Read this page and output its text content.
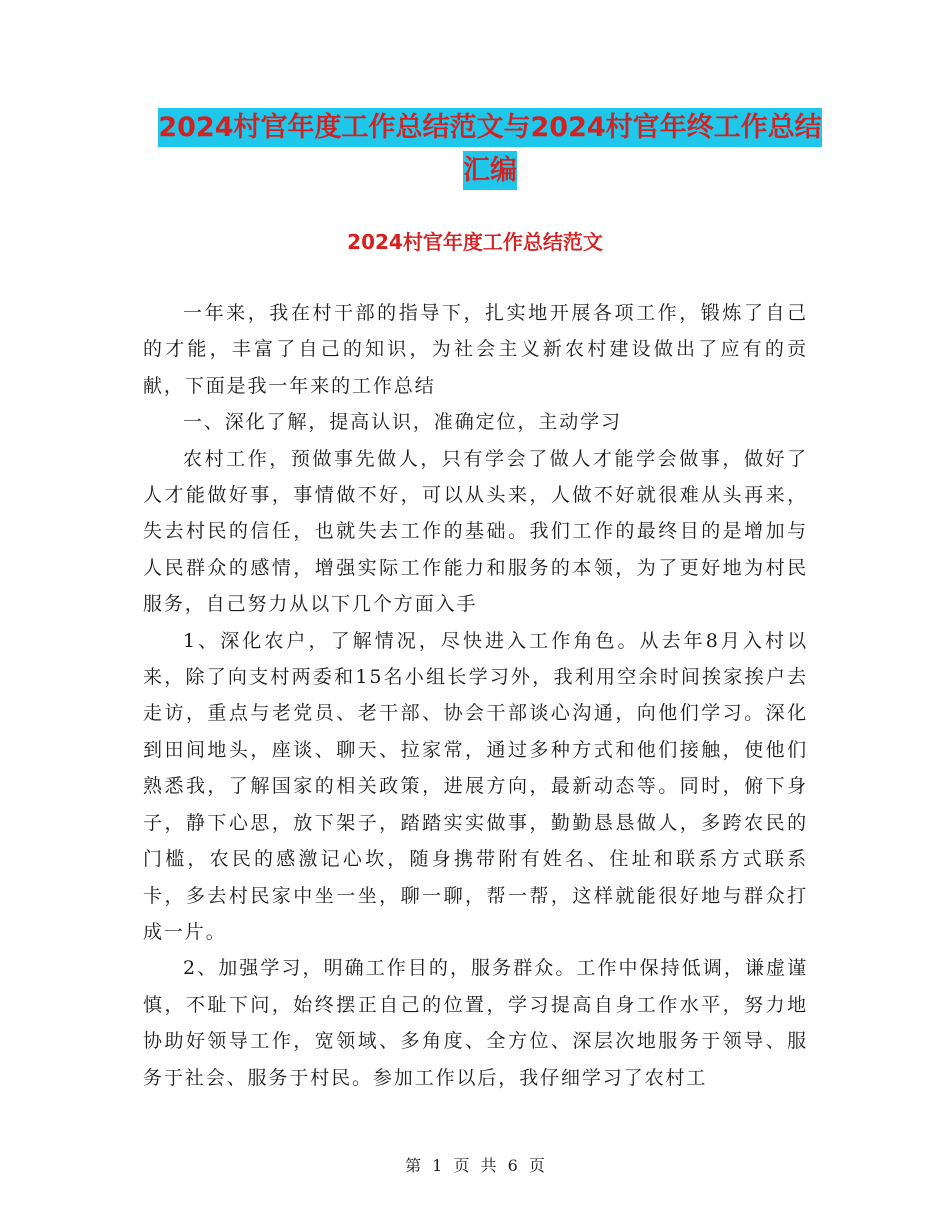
2024村官年度工作总结范文与2024村官年终工作总结
汇编
2024村官年度工作总结范文

一年来，我在村干部的指导下，扎实地开展各项工作，锻炼了自己的才能，丰富了自己的知识，为社会主义新农村建设做出了应有的贡献，下面是我一年来的工作总结

一、深化了解，提高认识，准确定位，主动学习

农村工作，预做事先做人，只有学会了做人才能学会做事，做好了人才能做好事，事情做不好，可以从头来，人做不好就很难从头再来，失去村民的信任，也就失去工作的基础。我们工作的最终目的是增加与人民群众的感情，增强实际工作能力和服务的本领，为了更好地为村民服务，自己努力从以下几个方面入手

1、深化农户，了解情况，尽快进入工作角色。从去年8月入村以来，除了向支村两委和15名小组长学习外，我利用空余时间挨家挨户去走访，重点与老党员、老干部、协会干部谈心沟通，向他们学习。深化到田间地头，座谈、聊天、拉家常，通过多种方式和他们接触，使他们熟悉我，了解国家的相关政策，进展方向，最新动态等。同时，俯下身子，静下心思，放下架子，踏踏实实做事，勤勤恳恳做人，多跨农民的门槛，农民的感激记心坎，随身携带附有姓名、住址和联系方式联系卡，多去村民家中坐一坐，聊一聊，帮一帮，这样就能很好地与群众打成一片。

2、加强学习，明确工作目的，服务群众。工作中保持低调，谦虚谨慎，不耻下问，始终摆正自己的位置，学习提高自身工作水平，努力地协助好领导工作，宽领域、多角度、全方位、深层次地服务于领导、服务于社会、服务于村民。参加工作以后，我仔细学习了农村工

第 1 页 共 6 页
